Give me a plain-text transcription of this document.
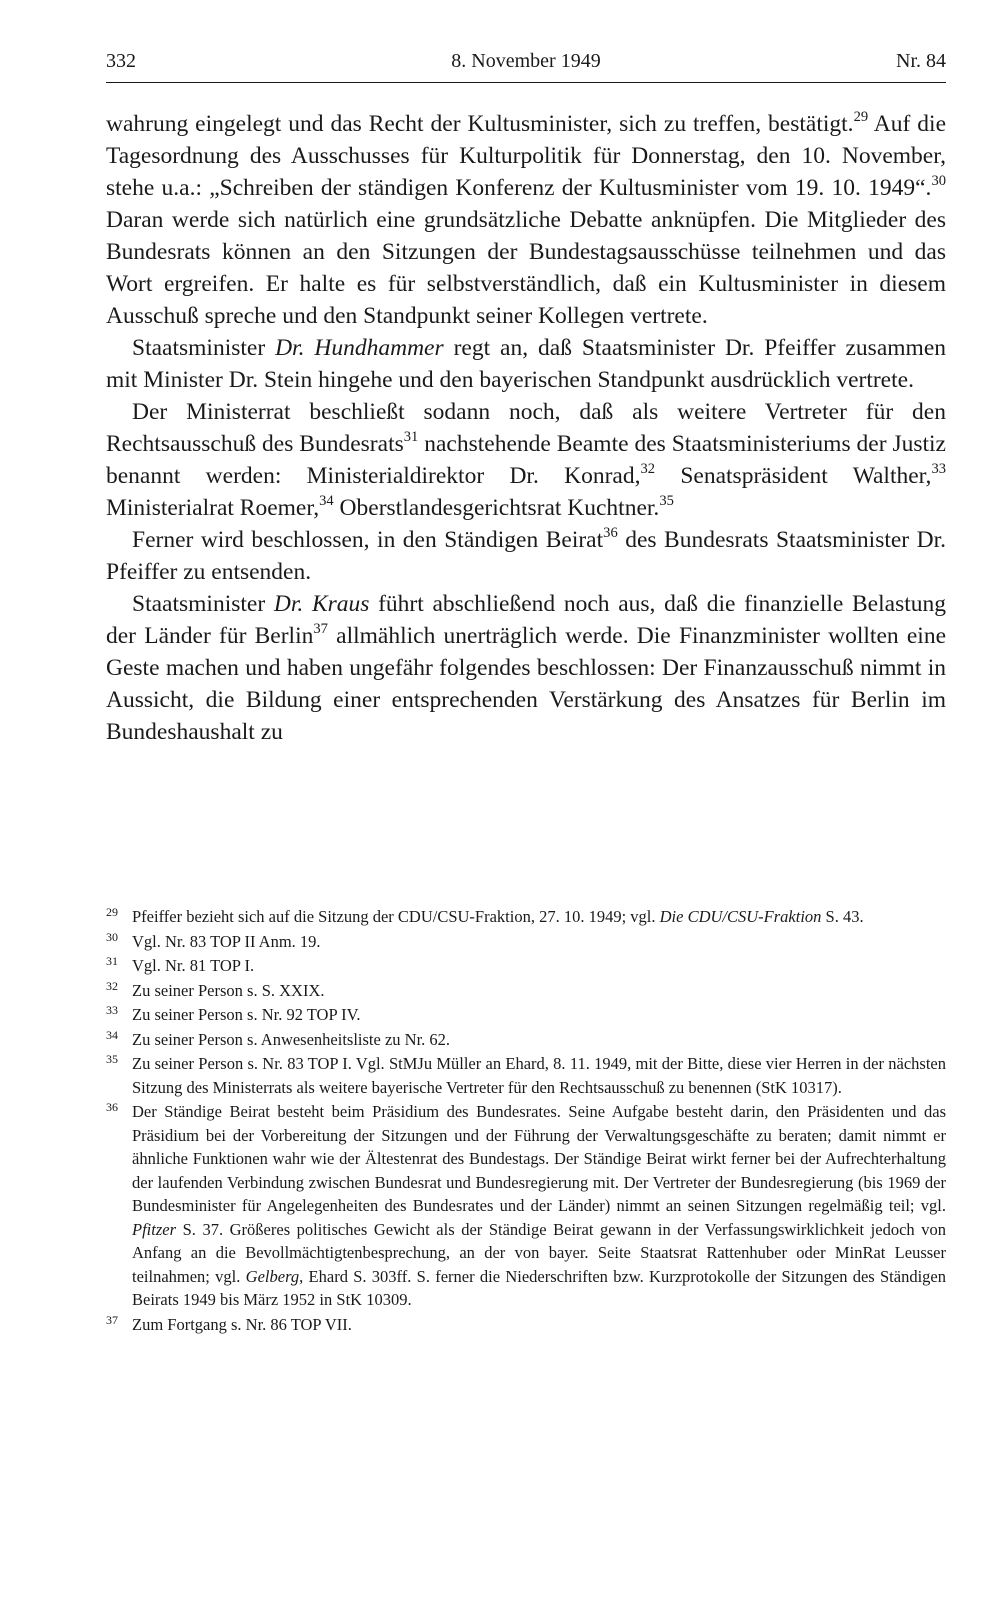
332	8. November 1949	Nr. 84

wahrung eingelegt und das Recht der Kultusminister, sich zu treffen, bestätigt.$^{29}$ Auf die Tagesordnung des Ausschusses für Kulturpolitik für Donnerstag, den 10. November, stehe u.a.: „Schreiben der ständigen Konferenz der Kultusminister vom 19. 10. 1949“.$^{30}$ Daran werde sich natürlich eine grundsätzliche Debatte anknüpfen. Die Mitglieder des Bundesrats können an den Sitzungen der Bundestagsausschüsse teilnehmen und das Wort ergreifen. Er halte es für selbstverständlich, daß ein Kultusminister in diesem Ausschuß spreche und den Standpunkt seiner Kollegen vertrete.

Staatsminister Dr. Hundhammer regt an, daß Staatsminister Dr. Pfeiffer zusammen mit Minister Dr. Stein hingehe und den bayerischen Standpunkt ausdrücklich vertrete.

Der Ministerrat beschließt sodann noch, daß als weitere Vertreter für den Rechtsausschuß des Bundesrats$^{31}$ nachstehende Beamte des Staatsministeriums der Justiz benannt werden: Ministerialdirektor Dr. Konrad,$^{32}$ Senatspräsident Walther,$^{33}$ Ministerialrat Roemer,$^{34}$ Oberstlandesgerichtsrat Kuchtner.$^{35}$

Ferner wird beschlossen, in den Ständigen Beirat$^{36}$ des Bundesrats Staatsminister Dr. Pfeiffer zu entsenden.

Staatsminister Dr. Kraus führt abschließend noch aus, daß die finanzielle Belastung der Länder für Berlin$^{37}$ allmählich unerträglich werde. Die Finanzminister wollten eine Geste machen und haben ungefähr folgendes beschlossen: Der Finanzausschuß nimmt in Aussicht, die Bildung einer entsprechenden Verstärkung des Ansatzes für Berlin im Bundeshaushalt zu

29 Pfeiffer bezieht sich auf die Sitzung der CDU/CSU-Fraktion, 27. 10. 1949; vgl. Die CDU/CSU-Fraktion S. 43.
30 Vgl. Nr. 83 TOP II Anm. 19.
31 Vgl. Nr. 81 TOP I.
32 Zu seiner Person s. S. XXIX.
33 Zu seiner Person s. Nr. 92 TOP IV.
34 Zu seiner Person s. Anwesenheitsliste zu Nr. 62.
35 Zu seiner Person s. Nr. 83 TOP I. Vgl. StMJu Müller an Ehard, 8. 11. 1949, mit der Bitte, diese vier Herren in der nächsten Sitzung des Ministerrats als weitere bayerische Vertreter für den Rechtsausschuß zu benennen (StK 10317).
36 Der Ständige Beirat besteht beim Präsidium des Bundesrates. Seine Aufgabe besteht darin, den Präsidenten und das Präsidium bei der Vorbereitung der Sitzungen und der Führung der Verwaltungsgeschäfte zu beraten; damit nimmt er ähnliche Funktionen wahr wie der Ältestenrat des Bundestags. Der Ständige Beirat wirkt ferner bei der Aufrechterhaltung der laufenden Verbindung zwischen Bundesrat und Bundesregierung mit. Der Vertreter der Bundesregierung (bis 1969 der Bundesminister für Angelegenheiten des Bundesrates und der Länder) nimmt an seinen Sitzungen regelmäßig teil; vgl. Pfitzer S. 37. Größeres politisches Gewicht als der Ständige Beirat gewann in der Verfassungswirklichkeit jedoch von Anfang an die Bevollmächtigtenbesprechung, an der von bayer. Seite Staatsrat Rattenhuber oder MinRat Leusser teilnahmen; vgl. Gelberg, Ehard S. 303ff. S. ferner die Niederschriften bzw. Kurzprotokolle der Sitzungen des Ständigen Beirats 1949 bis März 1952 in StK 10309.
37 Zum Fortgang s. Nr. 86 TOP VII.
